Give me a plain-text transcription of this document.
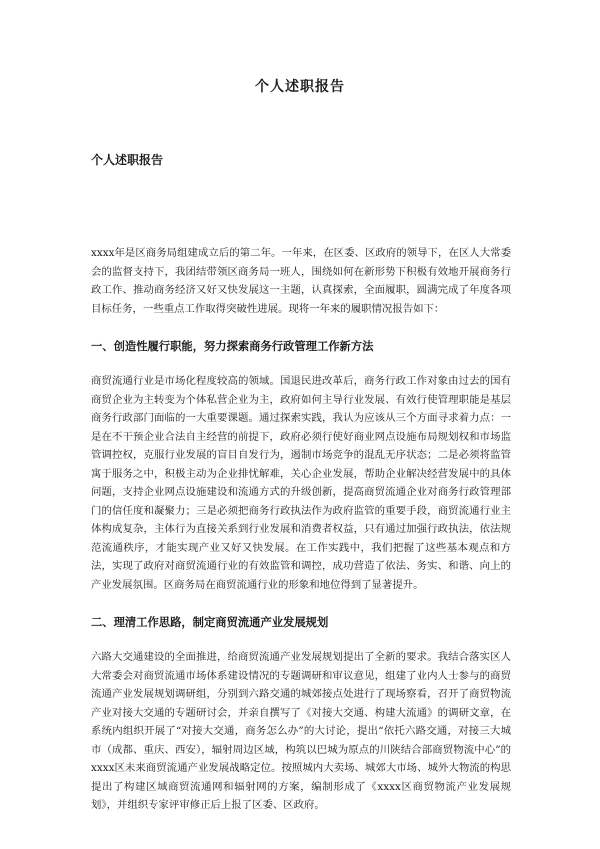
个人述职报告
个人述职报告

xxxx年是区商务局组建成立后的第二年。一年来，在区委、区政府的领导下，在区人大常委会的监督支持下，我团结带领区商务局一班人，围绕如何在新形势下积极有效地开展商务行政工作、推动商务经济又好又快发展这一主题，认真探索，全面履职，圆满完成了年度各项目标任务，一些重点工作取得突破性进展。现将一年来的履职情况报告如下：

一、创造性履行职能，努力探索商务行政管理工作新方法

商贸流通行业是市场化程度较高的领域。国退民进改革后，商务行政工作对象由过去的国有商贸企业为主转变为个体私营企业为主，政府如何主导行业发展、有效行使管理职能是基层商务行政部门面临的一大重要课题。通过探索实践，我认为应该从三个方面寻求着力点：一是在不干预企业合法自主经营的前提下，政府必须行使好商业网点设施布局规划权和市场监管调控权，克服行业发展的盲目自发行为，遏制市场竞争的混乱无序状态；二是必须将监管寓于服务之中，积极主动为企业排忧解难，关心企业发展，帮助企业解决经营发展中的具体问题，支持企业网点设施建设和流通方式的升级创新，提高商贸流通企业对商务行政管理部门的信任度和凝聚力；三是必须把商务行政执法作为政府监管的重要手段，商贸流通行业主体构成复杂，主体行为直接关系到行业发展和消费者权益，只有通过加强行政执法，依法规范流通秩序，才能实现产业又好又快发展。在工作实践中，我们把握了这些基本观点和方法，实现了政府对商贸流通行业的有效监管和调控，成功营造了依法、务实、和谐、向上的产业发展氛围。区商务局在商贸流通行业的形象和地位得到了显著提升。

二、理清工作思路，制定商贸流通产业发展规划

六路大交通建设的全面推进，给商贸流通产业发展规划提出了全新的要求。我结合落实区人大常委会对商贸流通市场体系建设情况的专题调研和审议意见，组建了业内人士参与的商贸流通产业发展规划调研组，分别到六路交通的城郊接点处进行了现场察看，召开了商贸物流产业对接大交通的专题研讨会，并亲自撰写了《对接大交通、构建大流通》的调研文章，在系统内组织开展了“对接大交通，商务怎么办”的大讨论，提出“依托六路交通，对接三大城市（成都、重庆、西安），辐射周边区域，构筑以巴城为原点的川陕结合部商贸物流中心”的xxxx区未来商贸流通产业发展战略定位。按照城内大卖场、城郊大市场、城外大物流的构思提出了构建区域商贸流通网和辐射网的方案，编制形成了《xxxx区商贸物流产业发展规划》，并组织专家评审修正后上报了区委、区政府。
